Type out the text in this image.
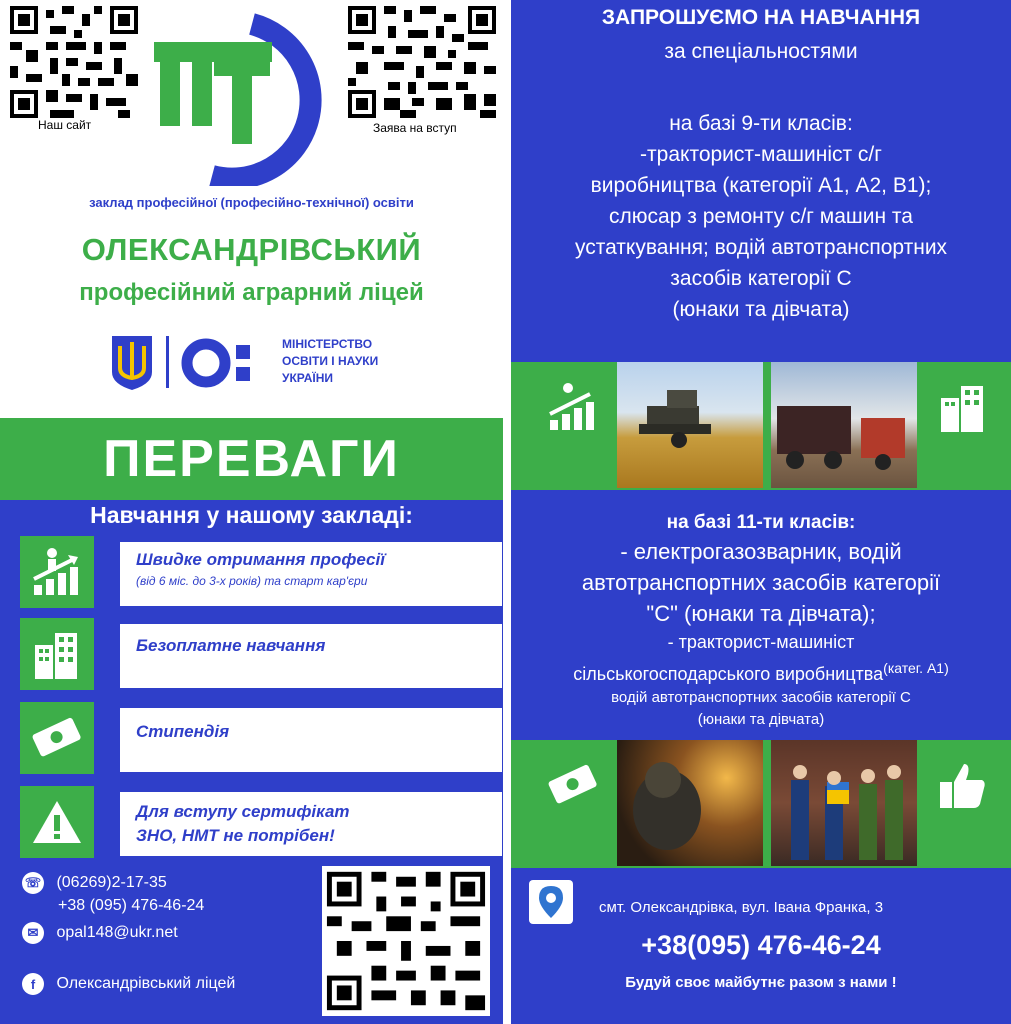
Наш сайт	Заява на вступ
заклад професійної (професійно-технічної) освіти
ОЛЕКСАНДРІВСЬКИЙ
професійний аграрний ліцей
МІНІСТЕРСТВО
ОСВІТИ І НАУКИ
УКРАЇНИ
ПЕРЕВАГИ
Навчання у нашому закладі:
Швидке отримання професії
(від 6 міс. до 3-х років) та старт кар'єри
Безоплатне навчання
Стипендія
Для вступу сертифікат
ЗНО, НМТ не потрібен!
☏ (06269)2-17-35
+38 (095) 476-46-24
✉ opal148@ukr.net
f Олександрівський ліцей
ЗАПРОШУЄМО НА НАВЧАННЯ
за спеціальностями
на базі 9-ти класів:
-тракторист-машиніст с/г
виробництва (категорії А1, А2, В1);
слюсар з ремонту с/г машин та
устаткування; водій автотранспортних
засобів категорії С
(юнаки та дівчата)
на базі 11-ти класів:
- електрогазозварник, водій
автотранспортних засобів категорії
"С" (юнаки та дівчата);
- тракторист-машиніст
сільськогосподарського виробництва$^{(катег. А1)}$
водій автотранспортних засобів категорії С
(юнаки та дівчата)
смт. Олександрівка, вул. Івана Франка, 3
+38(095) 476-46-24
Будуй своє майбутнє разом з нами !
